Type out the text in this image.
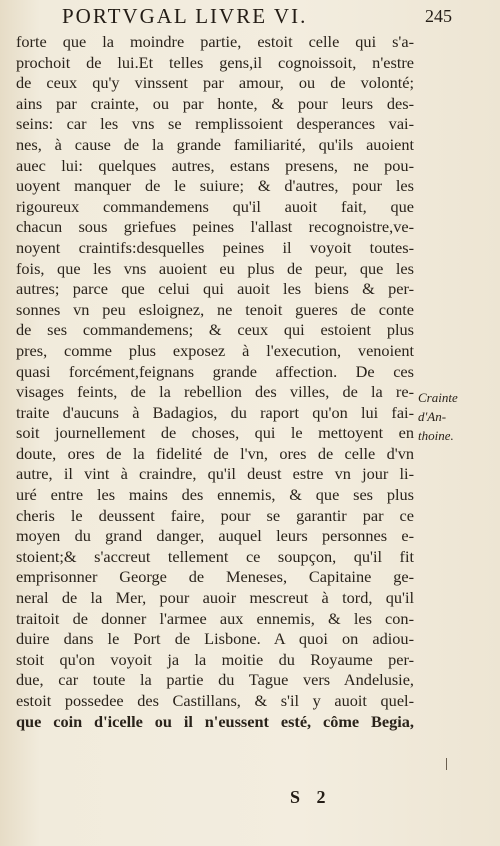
PORTVGAL LIVRE VI.	245
forte que la moindre partie, estoit celle qui s'a-
prochoit de lui.Et telles gens,il cognoissoit, n'estre
de ceux qu'y vinssent par amour, ou de volonté;
ains par crainte, ou par honte, & pour leurs des-
seins: car les vns se remplissoient desperances vai-
nes, à cause de la grande familiarité, qu'ils auoient
auec lui: quelques autres, estans presens, ne pou-
uoyent manquer de le suiure; & d'autres, pour les
rigoureux commandemens qu'il auoit fait, que
chacun sous griefues peines l'allast recognoistre,ve-
noyent craintifs:desquelles peines il voyoit toutes-
fois, que les vns auoient eu plus de peur, que les
autres; parce que celui qui auoit les biens & per-
sonnes vn peu esloignez, ne tenoit gueres de conte
de ses commandemens; & ceux qui estoient plus
pres, comme plus exposez à l'execution, venoient
quasi forcément,feignans grande affection. De ces
visages feints, de la rebellion des villes, de la re-
traite d'aucuns à Badagios, du raport qu'on lui fai-
soit journellement de choses, qui le mettoyent en
doute, ores de la fidelité de l'vn, ores de celle d'vn
autre, il vint à craindre, qu'il deust estre vn jour li-
uré entre les mains des ennemis, & que ses plus
cheris le deussent faire, pour se garantir par ce
moyen du grand danger, auquel leurs personnes e-
stoient;& s'accreut tellement ce soupçon, qu'il fit
emprisonner George de Meneses, Capitaine ge-
neral de la Mer, pour auoir mescreut à tord, qu'il
traitoit de donner l'armee aux ennemis, & les con-
duire dans le Port de Lisbone. A quoi on adiou-
stoit qu'on voyoit ja la moitie du Royaume per-
due, car toute la partie du Tague vers Andelusie,
estoit possedee des Castillans, & s'il y auoit quel-
que coin d'icelle ou il n'eussent esté, côme Begia,
Crainte
d'An-
thoine.
S 2
